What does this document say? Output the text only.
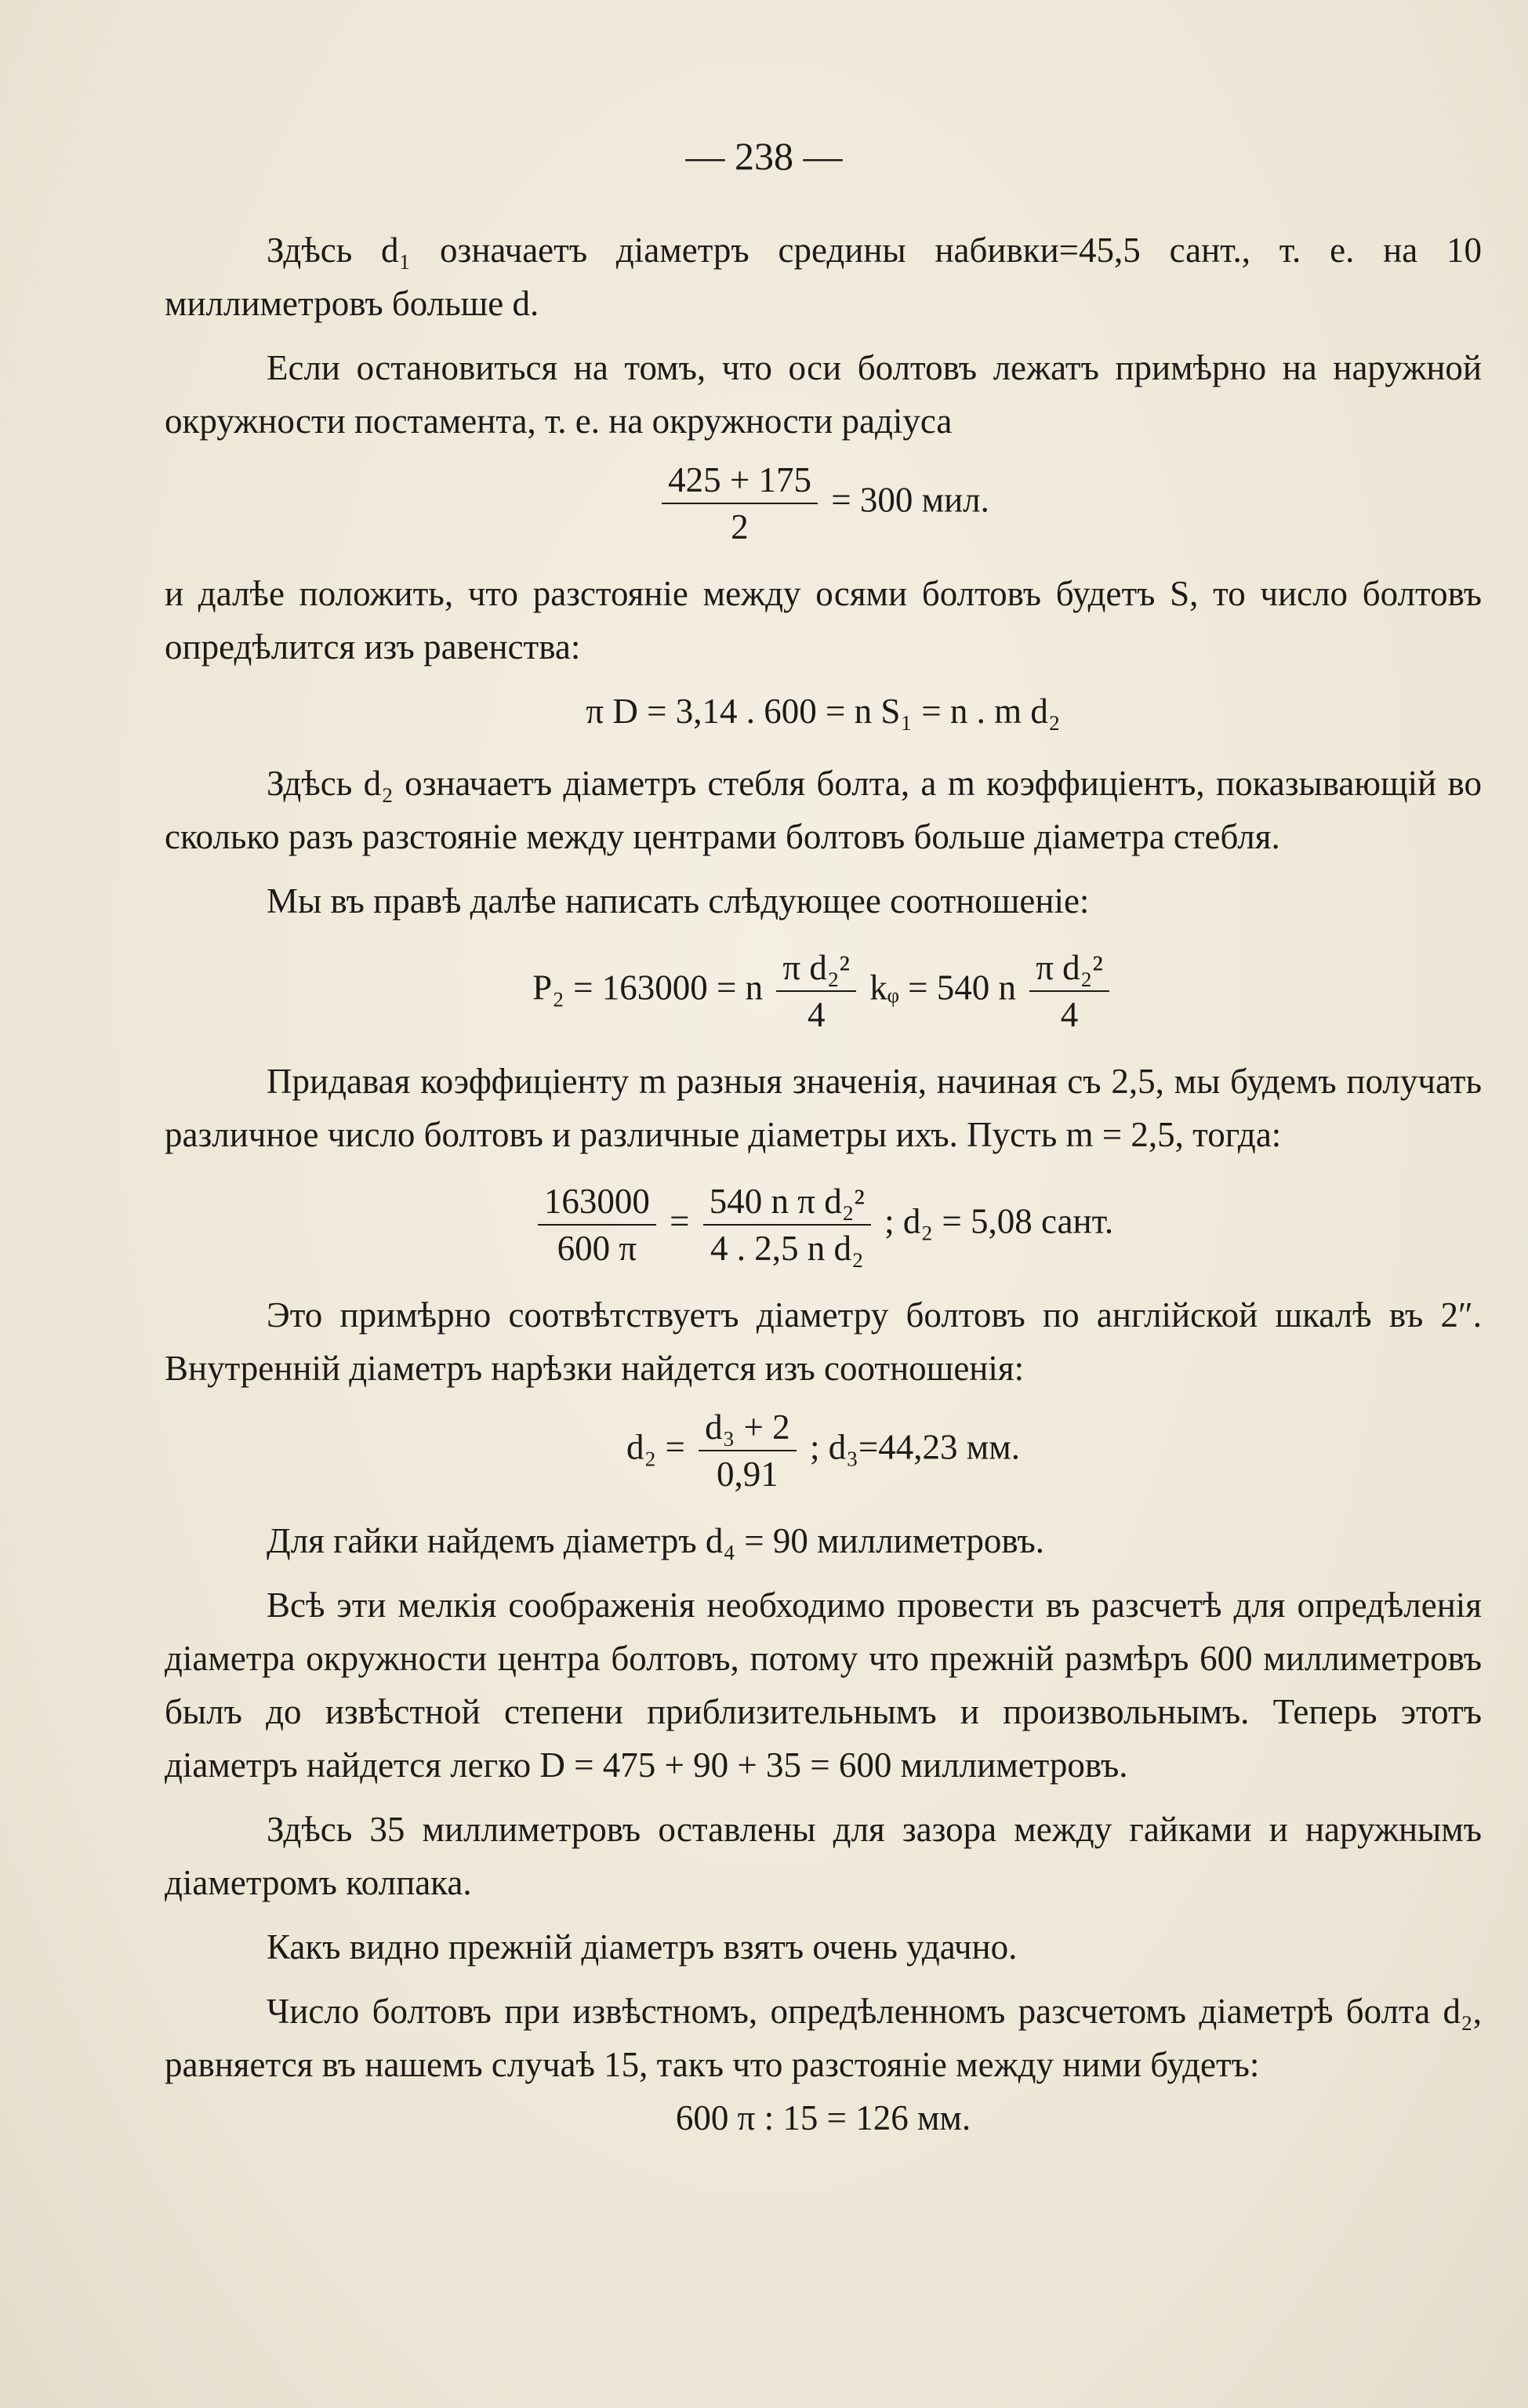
— 238 —

Здѣсь d₁ означаетъ діаметръ средины набивки=45,5 сант., т. е. на 10 миллиметровъ больше d.

Если остановиться на томъ, что оси болтовъ лежатъ примѣрно на наружной окружности постамента, т. е. на окружности радіуса

$\frac{425 + 175}{2} = 300$ мил.

и далѣе положить, что разстояніе между осями болтовъ будетъ S, то число болтовъ опредѣлится изъ равенства:

π D = 3,14 . 600 = n S₁ = n . m d₂

Здѣсь d₂ означаетъ діаметръ стебля болта, а m коэффиціентъ, показывающій во сколько разъ разстояніе между центрами болтовъ больше діаметра стебля.

Мы въ правѣ далѣе написать слѣдующее соотношеніе:

P₂ = 163000 = n $\frac{\text{π d₂²}}{4}$ kᵩ = 540 n $\frac{\text{π d₂²}}{4}$

Придавая коэффиціенту m разныя значенія, начиная съ 2,5, мы будемъ получать различное число болтовъ и различные діаметры ихъ. Пусть m = 2,5, тогда:

$\frac{163000}{600 \pi} = \frac{\text{540 n π d₂²}}{\text{4 . 2,5 n d₂}}$ ; d₂ = 5,08 сант.

Это примѣрно соотвѣтствуетъ діаметру болтовъ по англійской шкалѣ въ 2″. Внутренній діаметръ нарѣзки найдется изъ соотношенія:

$d_2 = \frac{\text{d₃ + 2}}{0,91}$ ; d₃=44,23 мм.

Для гайки найдемъ діаметръ d₄ = 90 миллиметровъ.

Всѣ эти мелкія соображенія необходимо провести въ разсчетѣ для опредѣленія діаметра окружности центра болтовъ, потому что прежній размѣръ 600 миллиметровъ былъ до извѣстной степени приблизительнымъ и произвольнымъ. Теперь этотъ діаметръ найдется легко D = 475 + 90 + 35 = 600 миллиметровъ.

Здѣсь 35 миллиметровъ оставлены для зазора между гайками и наружнымъ діаметромъ колпака.

Какъ видно прежній діаметръ взятъ очень удачно.

Число болтовъ при извѣстномъ, опредѣленномъ разсчетомъ діаметрѣ болта d₂, равняется въ нашемъ случаѣ 15, такъ что разстояніе между ними будетъ:

600 π : 15 = 126 мм.
